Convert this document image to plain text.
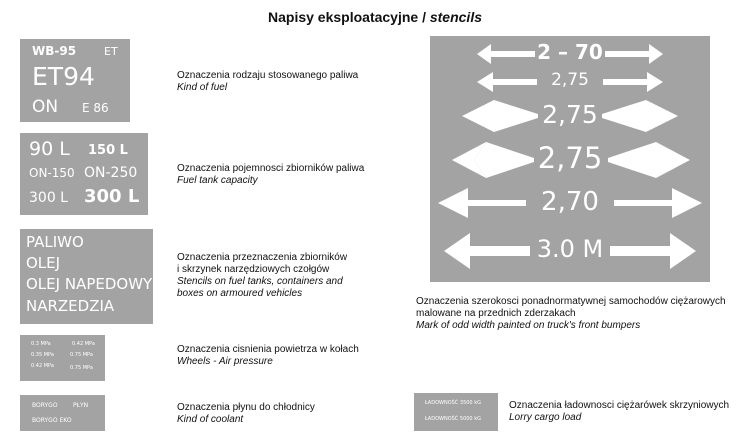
Napisy eksploatacyjne / stencils
WB-95	ET
ET94
ON E 86
Oznaczenia rodzaju stosowanego paliwa
Kind of fuel
90 L 150 L
ON-150 ON-250
300 L 300 L
Oznaczenia pojemnosci zbiorników paliwa
Fuel tank capacity
PALIWO
OLEJ
OLEJ NAPEDOWY
NARZEDZIA
Oznaczenia przeznaczenia zbiorników
i skrzynek narzędziowych czołgów
Stencils on fuel tanks, containers and
boxes on armoured vehicles
0.3 MPa	0.42 MPa
0.35 MPa	0.75 MPa
0.42 MPa	0.75 MPa
Oznaczenia cisnienia powietrza w kołach
Wheels - Air pressure
BORYGO	PŁYN
BORYGO EKO
Oznaczenia płynu do chłodnicy
Kind of coolant
2 – 70
2,75
2,75
2,75
2,70
3.0 M
Oznaczenia szerokosci ponadnormatywnej samochodów ciężarowych
malowane na przednich zderzakach
Mark of odd width painted on truck's front bumpers
ŁADOWNOŚĆ 3500 kG
ŁADOWNOŚĆ 5000 kG
Oznaczenia ładownosci ciężarówek skrzyniowych
Lorry cargo load
